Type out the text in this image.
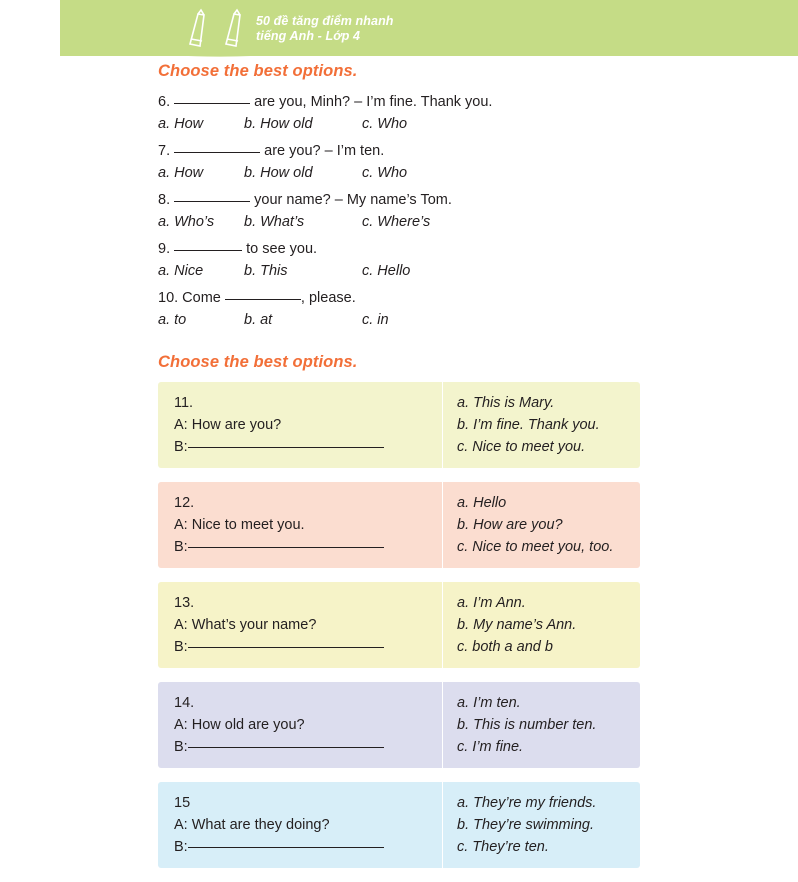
50 đề tăng điểm nhanh
tiếng Anh - Lớp 4
Choose the best options.
6.	are you, Minh? – I’m fine. Thank you.
a. How	b. How old	c. Who
7.	are you? – I’m ten.
a. How	b. How old	c. Who
8.	your name? – My name’s Tom.
a. Who’s	b. What’s	c. Where’s
9.	to see you.
a. Nice	b. This	c. Hello
10. Come	, please.
a. to	b. at	c. in
Choose the best options.
11.
A: How are you?
B:
a. This is Mary.
b. I’m fine. Thank you.
c. Nice to meet you.
12.
A: Nice to meet you.
B:
a. Hello
b. How are you?
c. Nice to meet you, too.
13.
A: What’s your name?
B:
a. I’m Ann.
b. My name’s Ann.
c. both a and b
14.
A: How old are you?
B:
a. I’m ten.
b. This is number ten.
c. I’m fine.
15
A: What are they doing?
B:
a. They’re my friends.
b. They’re swimming.
c. They’re ten.
